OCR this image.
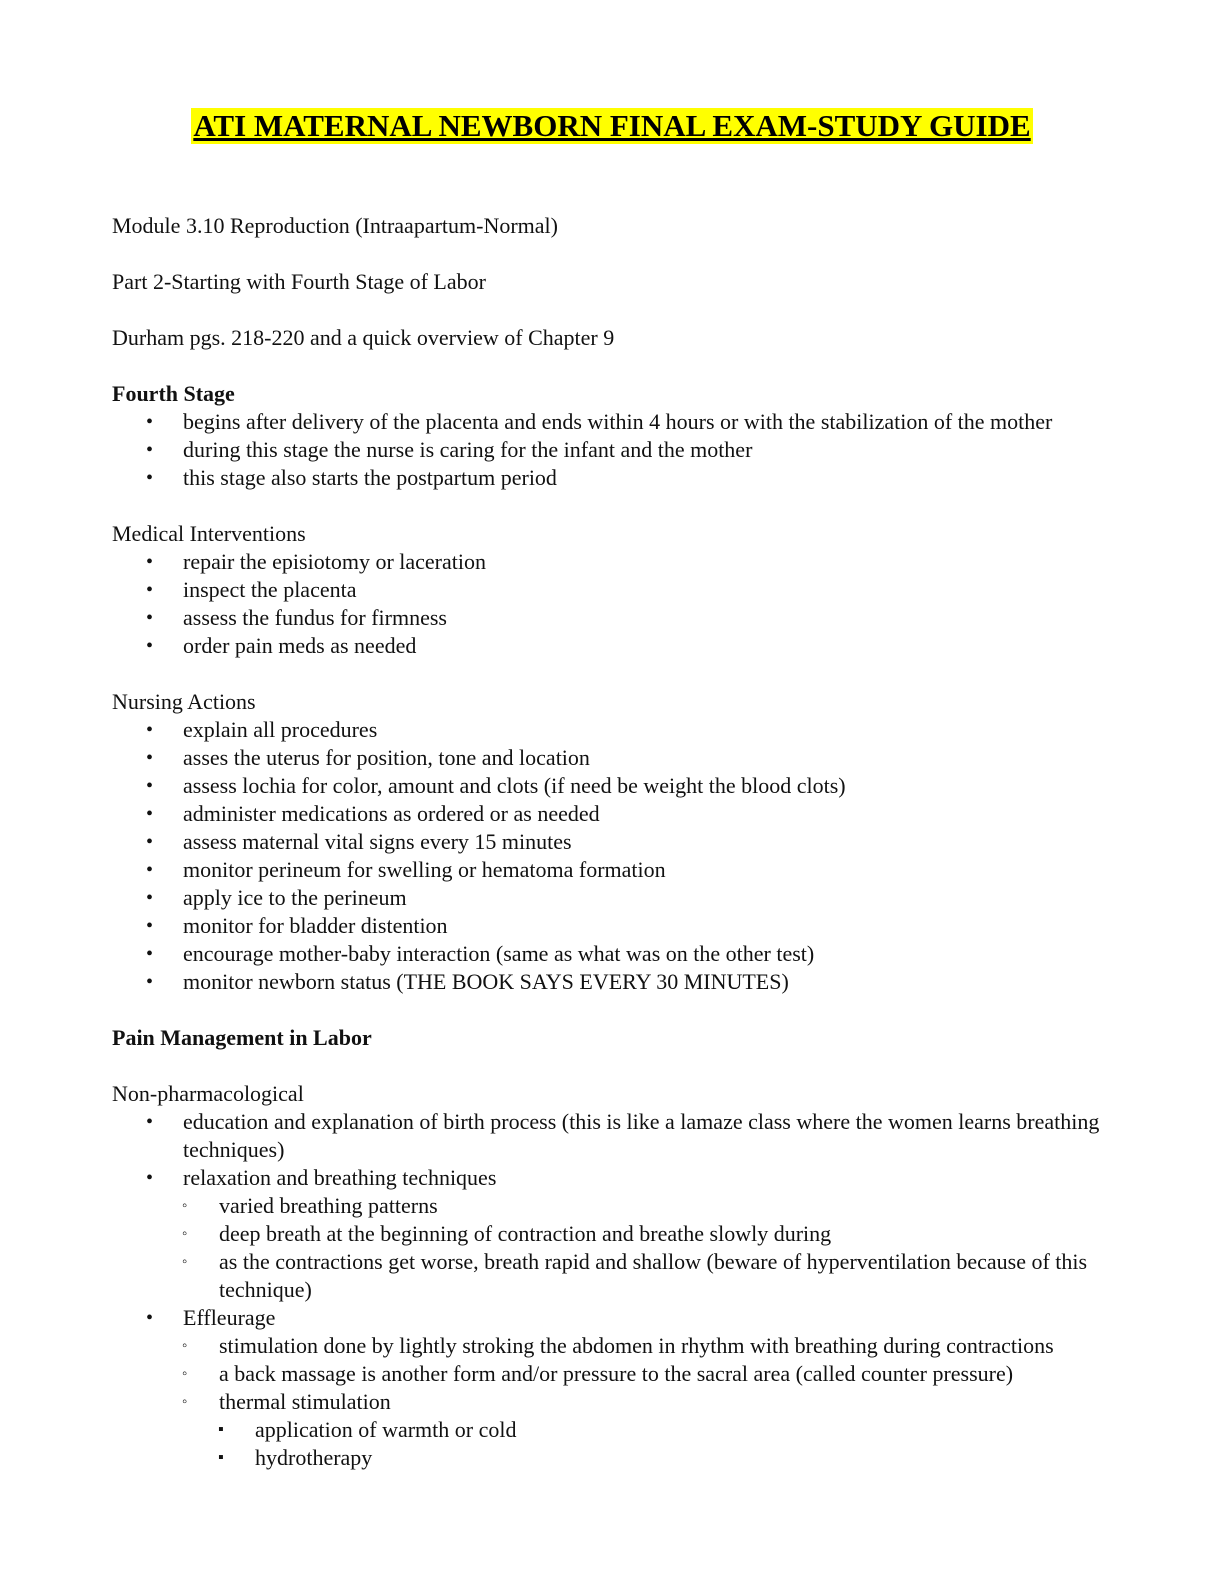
ATI MATERNAL NEWBORN FINAL EXAM-STUDY GUIDE

Module 3.10 Reproduction (Intraapartum-Normal)

Part 2-Starting with Fourth Stage of Labor

Durham pgs. 218-220 and a quick overview of Chapter 9

Fourth Stage

• begins after delivery of the placenta and ends within 4 hours or with the stabilization of the mother
• during this stage the nurse is caring for the infant and the mother
• this stage also starts the postpartum period

Medical Interventions

• repair the episiotomy or laceration
• inspect the placenta
• assess the fundus for firmness
• order pain meds as needed

Nursing Actions

• explain all procedures
• asses the uterus for position, tone and location
• assess lochia for color, amount and clots (if need be weight the blood clots)
• administer medications as ordered or as needed
• assess maternal vital signs every 15 minutes
• monitor perineum for swelling or hematoma formation
• apply ice to the perineum
• monitor for bladder distention
• encourage mother-baby interaction (same as what was on the other test)
• monitor newborn status (THE BOOK SAYS EVERY 30 MINUTES)

Pain Management in Labor

Non-pharmacological

• education and explanation of birth process (this is like a lamaze class where the women learns breathing techniques)
• relaxation and breathing techniques
◦ varied breathing patterns
◦ deep breath at the beginning of contraction and breathe slowly during
◦ as the contractions get worse, breath rapid and shallow (beware of hyperventilation because of this technique)
• Effleurage
◦ stimulation done by lightly stroking the abdomen in rhythm with breathing during contractions
◦ a back massage is another form and/or pressure to the sacral area (called counter pressure)
◦ thermal stimulation
▪ application of warmth or cold
▪ hydrotherapy
